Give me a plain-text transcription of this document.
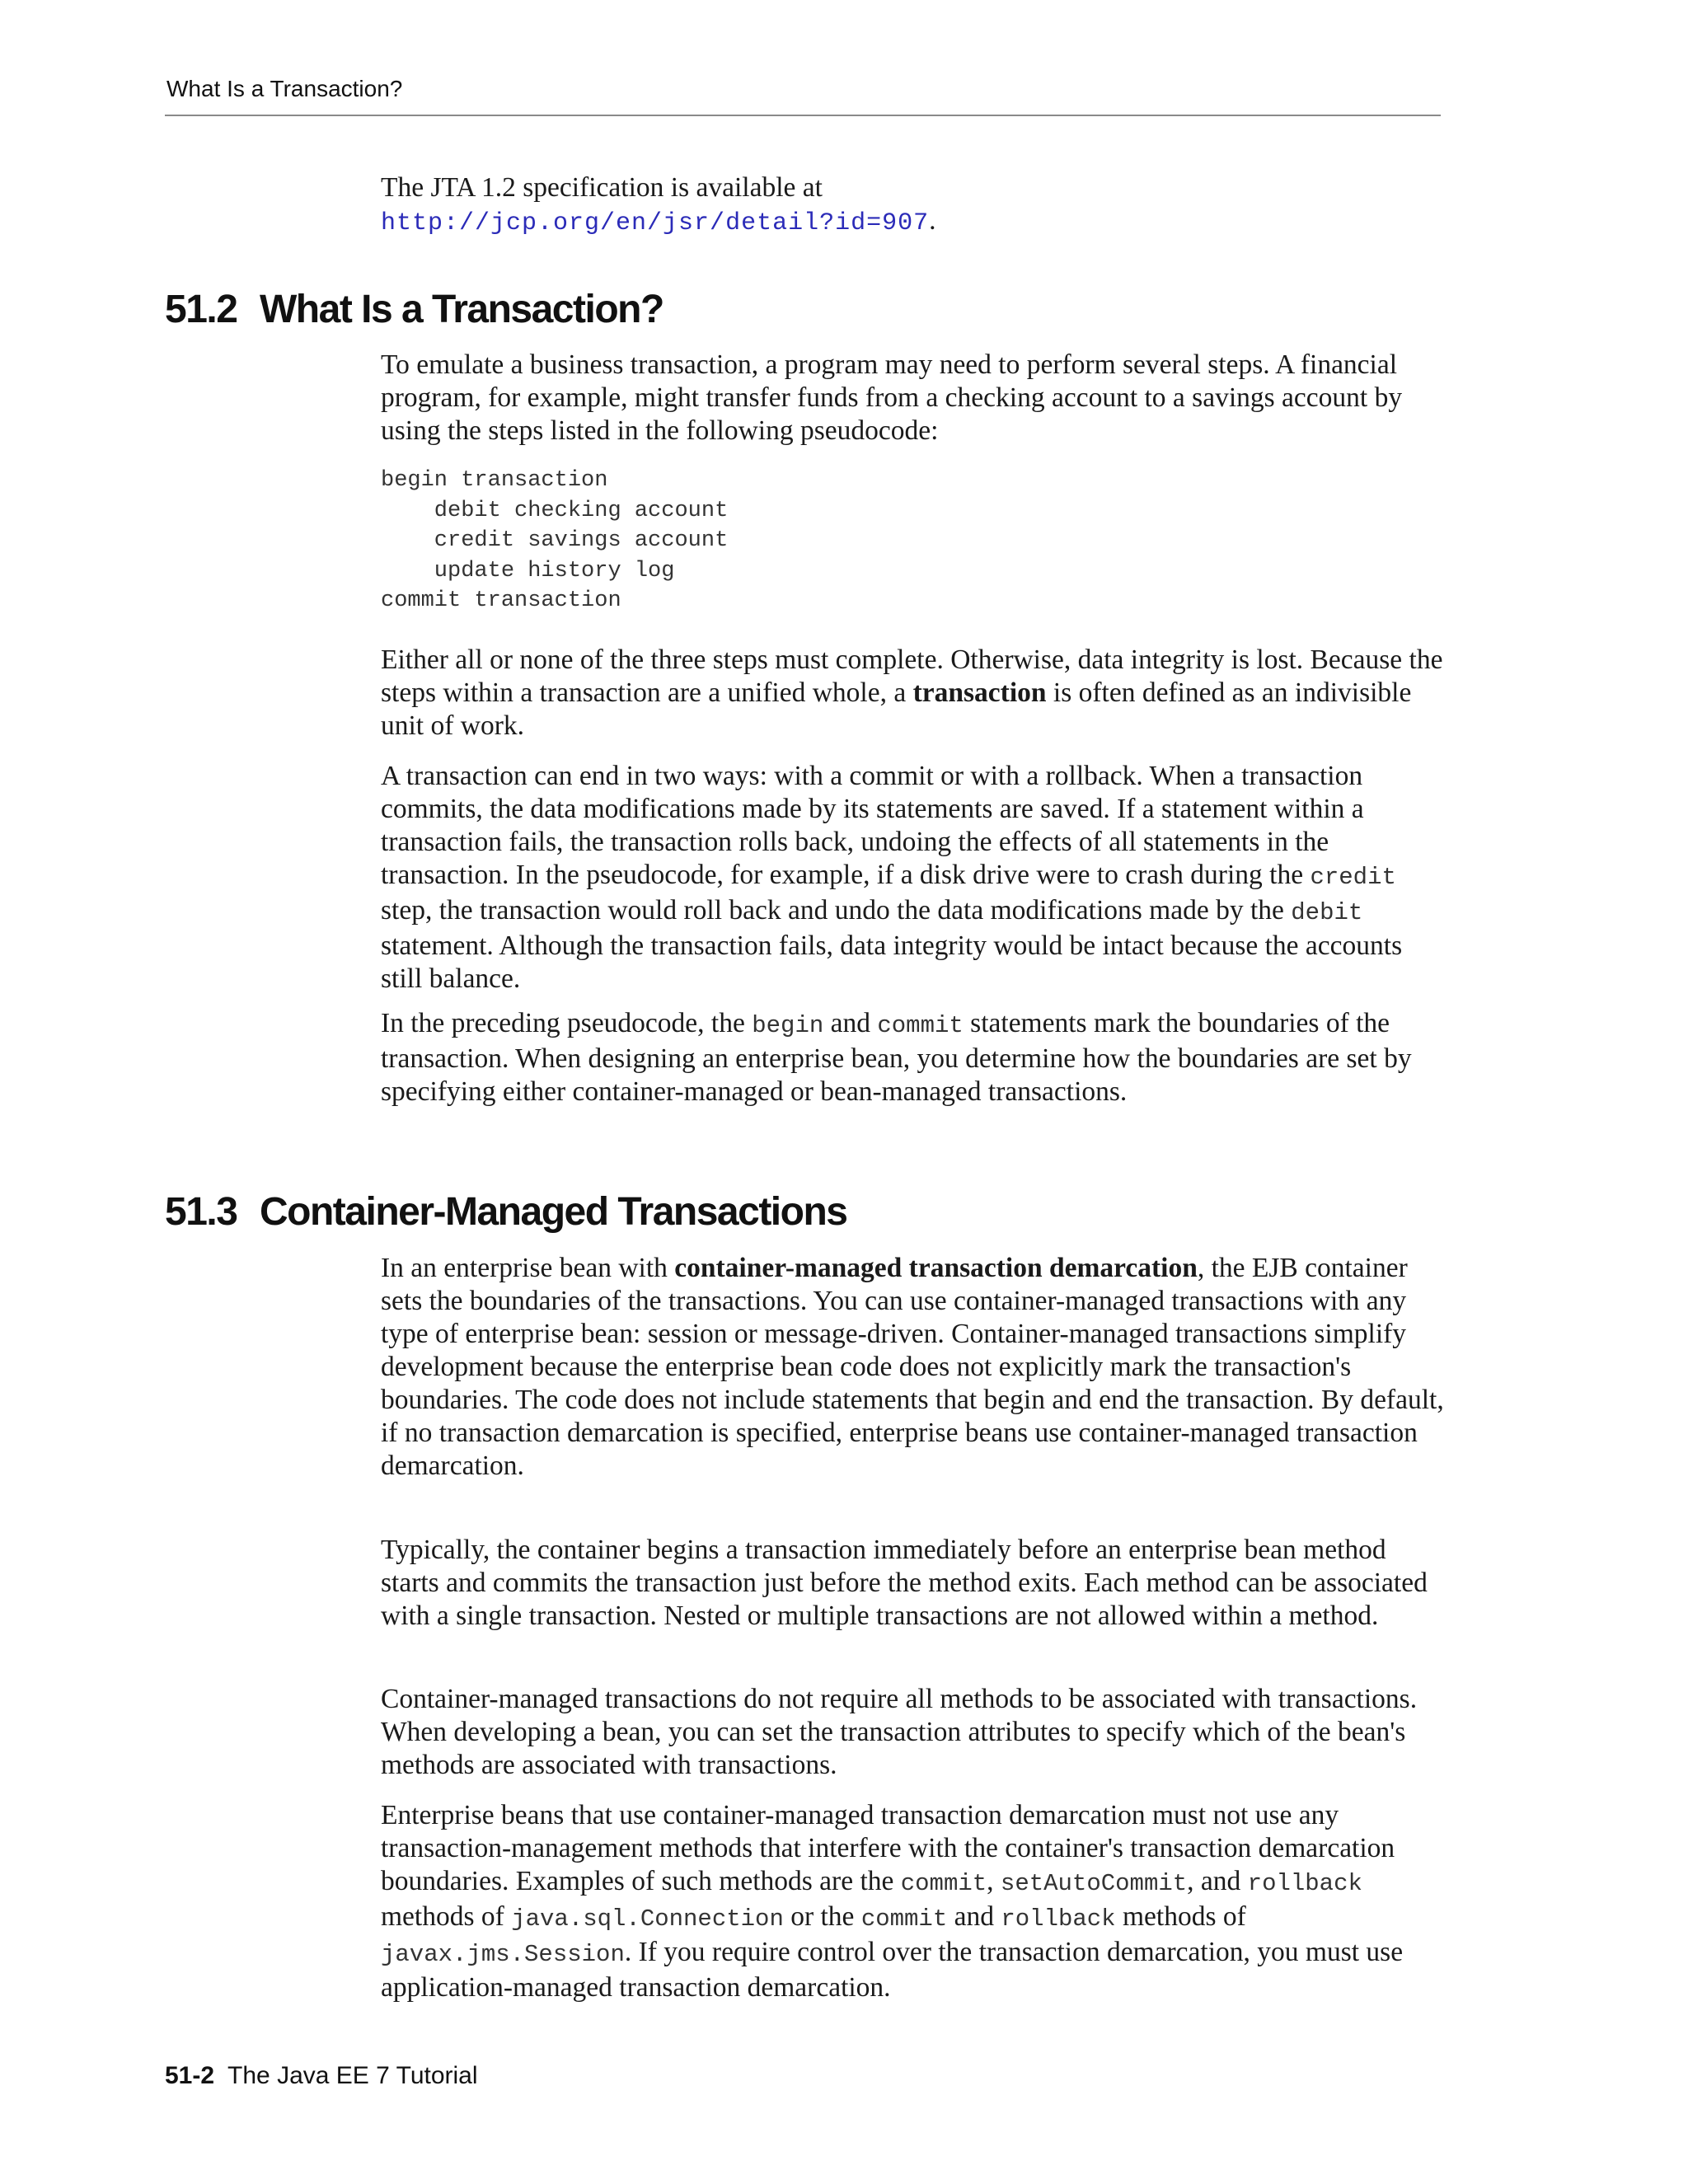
What Is a Transaction?

The JTA 1.2 specification is available at
http://jcp.org/en/jsr/detail?id=907.

51.2 What Is a Transaction?

To emulate a business transaction, a program may need to perform several steps. A financial program, for example, might transfer funds from a checking account to a savings account by using the steps listed in the following pseudocode:

begin transaction
debit checking account
credit savings account
update history log
commit transaction

Either all or none of the three steps must complete. Otherwise, data integrity is lost. Because the steps within a transaction are a unified whole, a transaction is often defined as an indivisible unit of work.

A transaction can end in two ways: with a commit or with a rollback. When a transaction commits, the data modifications made by its statements are saved. If a statement within a transaction fails, the transaction rolls back, undoing the effects of all statements in the transaction. In the pseudocode, for example, if a disk drive were to crash during the credit step, the transaction would roll back and undo the data modifications made by the debit statement. Although the transaction fails, data integrity would be intact because the accounts still balance.

In the preceding pseudocode, the begin and commit statements mark the boundaries of the transaction. When designing an enterprise bean, you determine how the boundaries are set by specifying either container-managed or bean-managed transactions.

51.3 Container-Managed Transactions

In an enterprise bean with container-managed transaction demarcation, the EJB container sets the boundaries of the transactions. You can use container-managed transactions with any type of enterprise bean: session or message-driven. Container-managed transactions simplify development because the enterprise bean code does not explicitly mark the transaction's boundaries. The code does not include statements that begin and end the transaction. By default, if no transaction demarcation is specified, enterprise beans use container-managed transaction demarcation.

Typically, the container begins a transaction immediately before an enterprise bean method starts and commits the transaction just before the method exits. Each method can be associated with a single transaction. Nested or multiple transactions are not allowed within a method.

Container-managed transactions do not require all methods to be associated with transactions. When developing a bean, you can set the transaction attributes to specify which of the bean's methods are associated with transactions.

Enterprise beans that use container-managed transaction demarcation must not use any transaction-management methods that interfere with the container's transaction demarcation boundaries. Examples of such methods are the commit, setAutoCommit, and rollback methods of java.sql.Connection or the commit and rollback methods of javax.jms.Session. If you require control over the transaction demarcation, you must use application-managed transaction demarcation.

51-2 The Java EE 7 Tutorial
